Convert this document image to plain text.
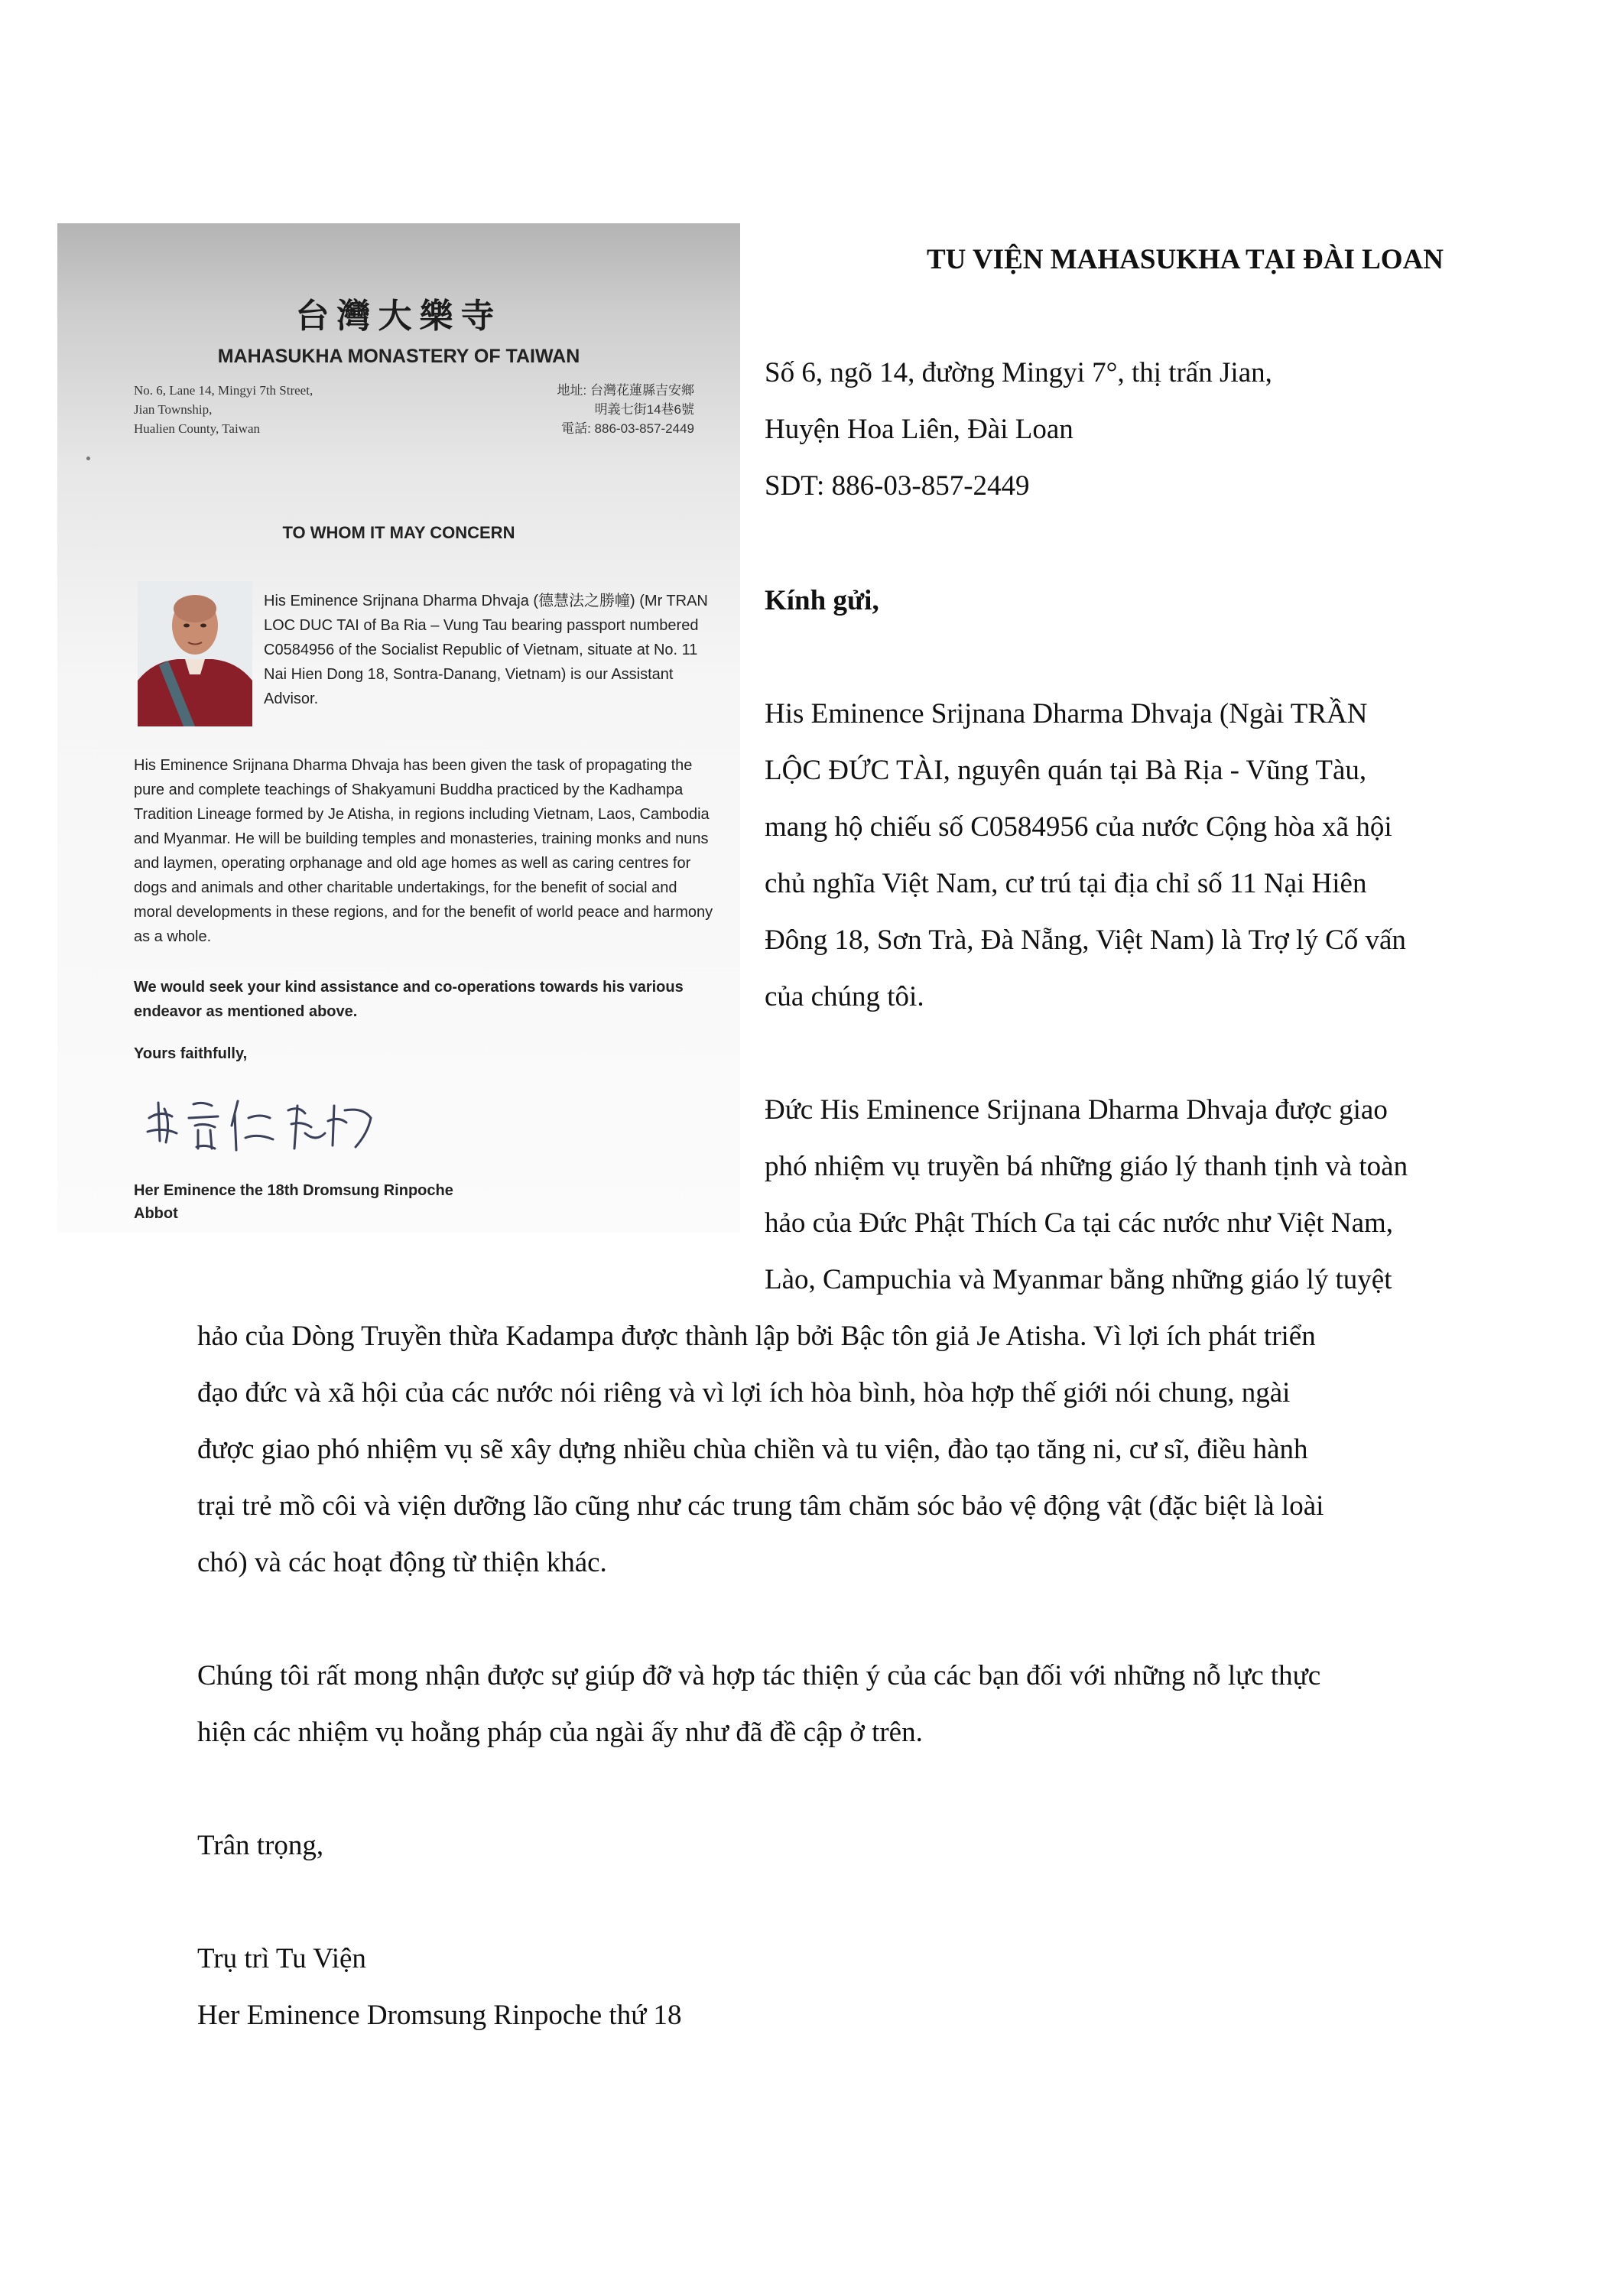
台灣大樂寺
MAHASUKHA MONASTERY OF TAIWAN
No. 6, Lane 14, Mingyi 7th Street,
Jian Township,
Hualien County, Taiwan
地址: 台灣花蓮縣吉安鄉
明義七街14巷6號
電話: 886-03-857-2449
TO WHOM IT MAY CONCERN
His Eminence Srijnana Dharma Dhvaja (德慧法之勝幢) (Mr TRAN LOC DUC TAI of Ba Ria – Vung Tau bearing passport numbered C0584956 of the Socialist Republic of Vietnam, situate at No. 11 Nai Hien Dong 18, Sontra-Danang, Vietnam) is our Assistant Advisor.
His Eminence Srijnana Dharma Dhvaja has been given the task of propagating the pure and complete teachings of Shakyamuni Buddha practiced by the Kadhampa Tradition Lineage formed by Je Atisha, in regions including Vietnam, Laos, Cambodia and Myanmar. He will be building temples and monasteries, training monks and nuns and laymen, operating orphanage and old age homes as well as caring centres for dogs and animals and other charitable undertakings, for the benefit of social and moral developments in these regions, and for the benefit of world peace and harmony as a whole.
We would seek your kind assistance and co-operations towards his various endeavor as mentioned above.
Yours faithfully,
Her Eminence the 18th Dromsung Rinpoche
Abbot
TU VIỆN MAHASUKHA TẠI ĐÀI LOAN
Số 6, ngõ 14, đường Mingyi 7°, thị trấn Jian,
Huyện Hoa Liên, Đài Loan
SDT: 886-03-857-2449
Kính gửi,
His Eminence Srijnana Dharma Dhvaja (Ngài TRẦN
LỘC ĐỨC TÀI, nguyên quán tại Bà Rịa - Vũng Tàu,
mang hộ chiếu số C0584956 của nước Cộng hòa xã hội
chủ nghĩa Việt Nam, cư trú tại địa chỉ số 11 Nại Hiên
Đông 18, Sơn Trà, Đà Nẵng, Việt Nam) là Trợ lý Cố vấn
của chúng tôi.
Đức His Eminence Srijnana Dharma Dhvaja được giao
phó nhiệm vụ truyền bá những giáo lý thanh tịnh và toàn
hảo của Đức Phật Thích Ca tại các nước như Việt Nam,
Lào, Campuchia và Myanmar bằng những giáo lý tuyệt
hảo của Dòng Truyền thừa Kadampa được thành lập bởi Bậc tôn giả Je Atisha. Vì lợi ích phát triển
đạo đức và xã hội của các nước nói riêng và vì lợi ích hòa bình, hòa hợp thế giới nói chung, ngài
được giao phó nhiệm vụ sẽ xây dựng nhiều chùa chiền và tu viện, đào tạo tăng ni, cư sĩ, điều hành
trại trẻ mồ côi và viện dưỡng lão cũng như các trung tâm chăm sóc bảo vệ động vật (đặc biệt là loài
chó) và các hoạt động từ thiện khác.
Chúng tôi rất mong nhận được sự giúp đỡ và hợp tác thiện ý của các bạn đối với những nỗ lực thực
hiện các nhiệm vụ hoằng pháp của ngài ấy như đã đề cập ở trên.
Trân trọng,
Trụ trì Tu Viện
Her Eminence Dromsung Rinpoche thứ 18
